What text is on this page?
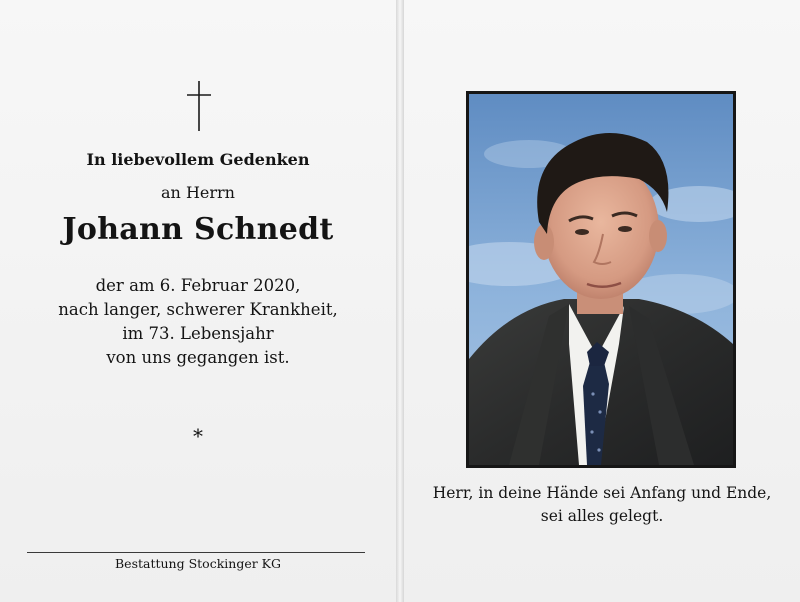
In liebevollem Gedenken
an Herrn
Johann Schnedt
der am 6. Februar 2020,
nach langer, schwerer Krankheit,
im 73. Lebensjahr
von uns gegangen ist.
*
Bestattung Stockinger KG
Herr, in deine Hände sei Anfang und Ende,
sei alles gelegt.
